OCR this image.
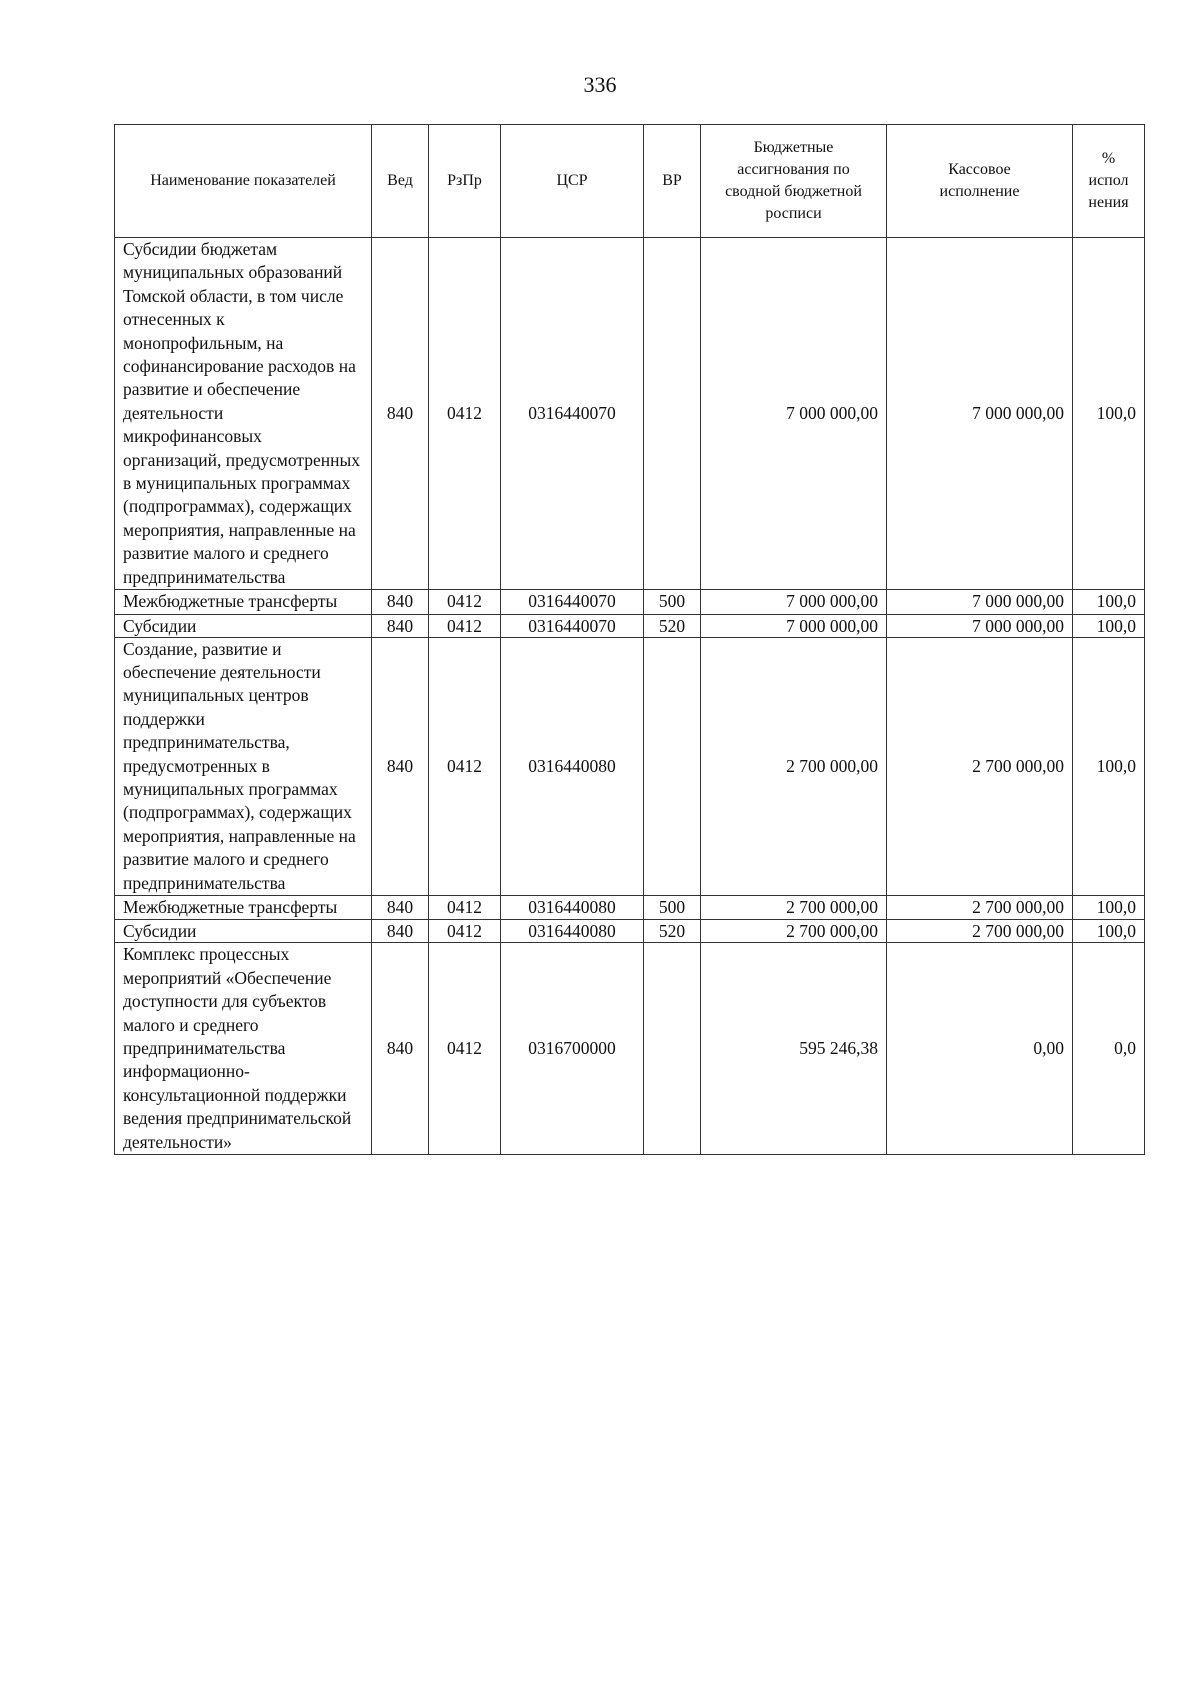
336
Наименование показателей	Вед	РзПр	ЦСР	ВР	Бюджетные ассигнования по сводной бюджетной росписи	Кассовое исполнение	% испол нения
Субсидии бюджетам муниципальных образований Томской области, в том числе отнесенных к монопрофильным, на софинансирование расходов на развитие и обеспечение деятельности микрофинансовых организаций, предусмотренных в муниципальных программах (подпрограммах), содержащих мероприятия, направленные на развитие малого и среднего предпринимательства	840	0412	0316440070		7 000 000,00	7 000 000,00	100,0
Межбюджетные трансферты	840	0412	0316440070	500	7 000 000,00	7 000 000,00	100,0
Субсидии	840	0412	0316440070	520	7 000 000,00	7 000 000,00	100,0
Создание, развитие и обеспечение деятельности муниципальных центров поддержки предпринимательства, предусмотренных в муниципальных программах (подпрограммах), содержащих мероприятия, направленные на развитие малого и среднего предпринимательства	840	0412	0316440080		2 700 000,00	2 700 000,00	100,0
Межбюджетные трансферты	840	0412	0316440080	500	2 700 000,00	2 700 000,00	100,0
Субсидии	840	0412	0316440080	520	2 700 000,00	2 700 000,00	100,0
Комплекс процессных мероприятий «Обеспечение доступности для субъектов малого и среднего предпринимательства информационно-консультационной поддержки ведения предпринимательской деятельности»	840	0412	0316700000		595 246,38	0,00	0,0
